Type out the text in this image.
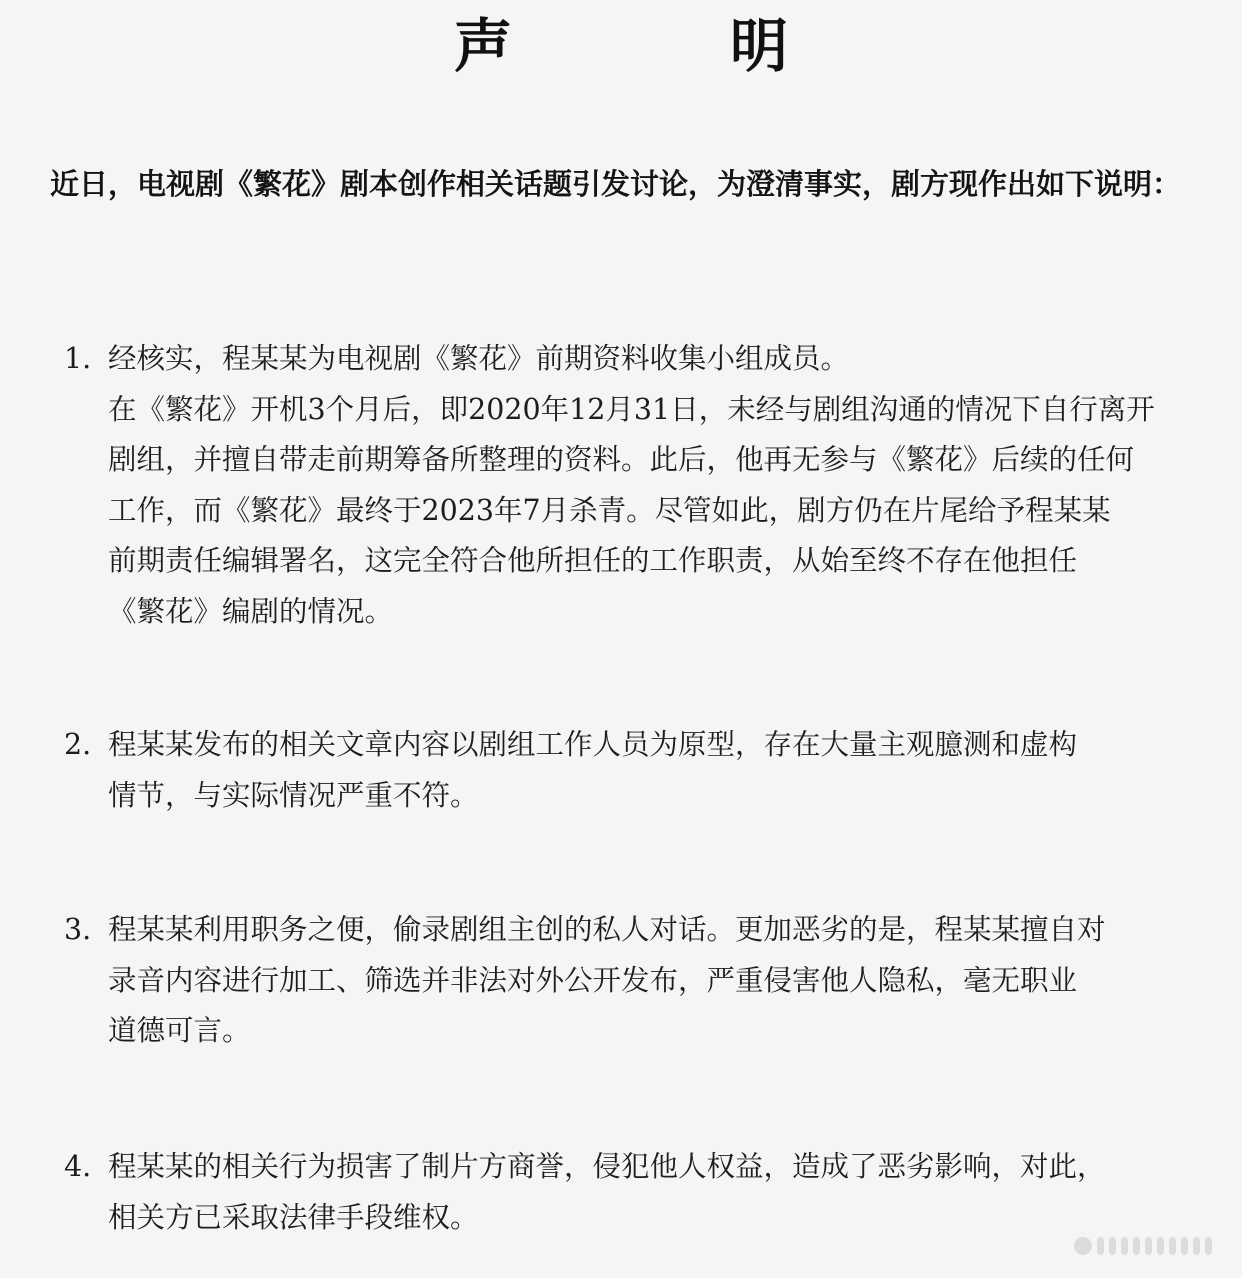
声　明
近日，电视剧《繁花》剧本创作相关话题引发讨论，为澄清事实，剧方现作出如下说明：
1. 经核实，程某某为电视剧《繁花》前期资料收集小组成员。
在《繁花》开机3个月后，即2020年12月31日，未经与剧组沟通的情况下自行离开
剧组，并擅自带走前期筹备所整理的资料。此后，他再无参与《繁花》后续的任何
工作，而《繁花》最终于2023年7月杀青。尽管如此，剧方仍在片尾给予程某某
前期责任编辑署名，这完全符合他所担任的工作职责，从始至终不存在他担任
《繁花》编剧的情况。
2. 程某某发布的相关文章内容以剧组工作人员为原型，存在大量主观臆测和虚构
情节，与实际情况严重不符。
3. 程某某利用职务之便，偷录剧组主创的私人对话。更加恶劣的是，程某某擅自对
录音内容进行加工、筛选并非法对外公开发布，严重侵害他人隐私，毫无职业
道德可言。
4. 程某某的相关行为损害了制片方商誉，侵犯他人权益，造成了恶劣影响，对此，
相关方已采取法律手段维权。
